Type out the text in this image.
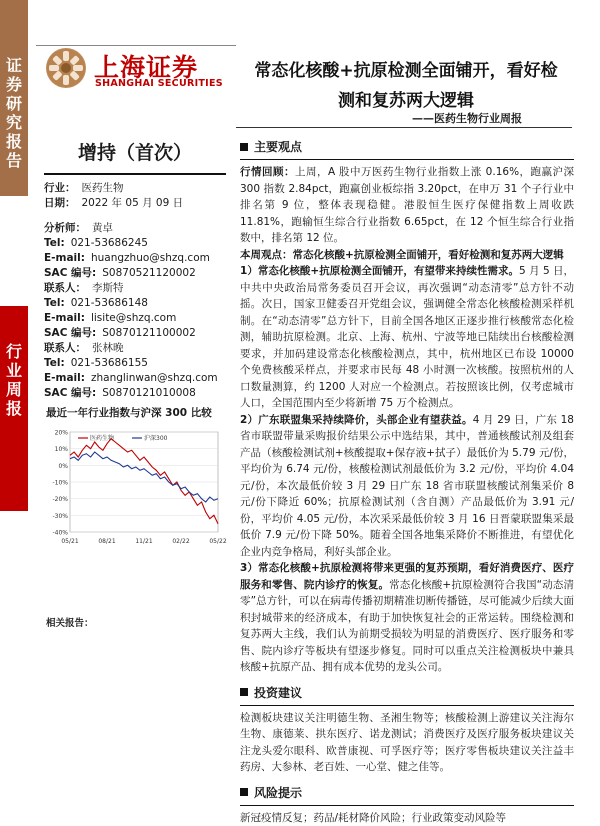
证券研究报告
行业周报
上海证券
SHANGHAI SECURITIES
常态化核酸+抗原检测全面铺开，看好检
测和复苏两大逻辑
——医药生物行业周报
增持（首次）
行业： 医药生物
日期： 2022 年 05 月 09 日
分析师： 黄卓
Tel: 021-53686245
E-mail: huangzhuo@shzq.com
SAC 编号: S0870521120002
联系人： 李斯特
Tel: 021-53686148
E-mail: lisite@shzq.com
SAC 编号: S0870121100002
联系人： 张林晚
Tel: 021-53686155
E-mail: zhanglinwan@shzq.com
SAC 编号: S0870121010008
最近一年行业指数与沪深 300 比较
20%
10%
0%
-10%
-20%
-30%
-40%
05/21	08/21	11/21	02/22	05/22
医药生物	沪深300
相关报告：
主要观点

行情回顾：上周，A 股中万医药生物行业指数上涨 0.16%，跑赢沪深 300 指数 2.84pct，跑赢创业板综指 3.20pct，在申万 31 个子行业中排名第 9 位，整体表现稳健。港股恒生医疗保健指数上周收跌 11.81%，跑输恒生综合行业指数 6.65pct，在 12 个恒生综合行业指数中，排名第 12 位。

本周观点：常态化核酸+抗原检测全面铺开，看好检测和复苏两大逻辑

1）常态化核酸+抗原检测全面铺开，有望带来持续性需求。5 月 5 日，中共中央政治局常务委员召开会议，再次强调“动态清零”总方针不动摇。次日，国家卫健委召开党组会议，强调健全常态化核酸检测采样机制。在“动态清零”总方针下，目前全国各地区正逐步推行核酸常态化检测，辅助抗原检测。北京、上海、杭州、宁波等地已陆续出台核酸检测要求，并加码建设常态化核酸检测点，其中，杭州地区已布设 10000 个免费核酸采样点，并要求市民每 48 小时测一次核酸。按照杭州的人口数量测算，约 1200 人对应一个检测点。若按照该比例，仅考虑城市人口，全国范围内至少将新增 75 万个检测点。

2）广东联盟集采持续降价，头部企业有望获益。4 月 29 日，广东 18 省市联盟带量采购报价结果公示中选结果，其中，普通核酸试剂及组套产品（核酸检测试剂+核酸提取+保存液+拭子）最低价为 5.79 元/份，平均价为 6.74 元/份，核酸检测试剂最低价为 3.2 元/份，平均价 4.04 元/份，本次最低价较 3 月 29 日广东 18 省市联盟核酸试剂集采价 8 元/份下降近 60%；抗原检测试剂（含自测）产品最低价为 3.91 元/份，平均价 4.05 元/份，本次采采最低价较 3 月 16 日晋蒙联盟集采最低价 7.9 元/份下降 50%。随着全国各地集采降价不断推进，有望优化企业内竞争格局，利好头部企业。

3）常态化核酸+抗原检测将带来更强的复苏预期，看好消费医疗、医疗服务和零售、院内诊疗的恢复。常态化核酸+抗原检测符合我国“动态清零”总方针，可以在病毒传播初期精准切断传播链，尽可能减少后续大面积封城带来的经济成本，有助于加快恢复社会的正常运转。围绕检测和复苏两大主线，我们认为前期受损较为明显的消费医疗、医疗服务和零售、院内诊疗等板块有望逐步修复。同时可以重点关注检测板块中兼具核酸+抗原产品、拥有成本优势的龙头公司。

投资建议

检测板块建议关注明德生物、圣湘生物等；核酸检测上游建议关注海尔生物、康德莱、拱东医疗、诺龙测试；消费医疗及医疗服务板块建议关注龙头爱尔眼科、欧普康视、可孚医疗等；医疗零售板块建议关注益丰药房、大参林、老百姓、一心堂、健之佳等。

风险提示

新冠疫情反复；药品/耗材降价风险；行业政策变动风险等
